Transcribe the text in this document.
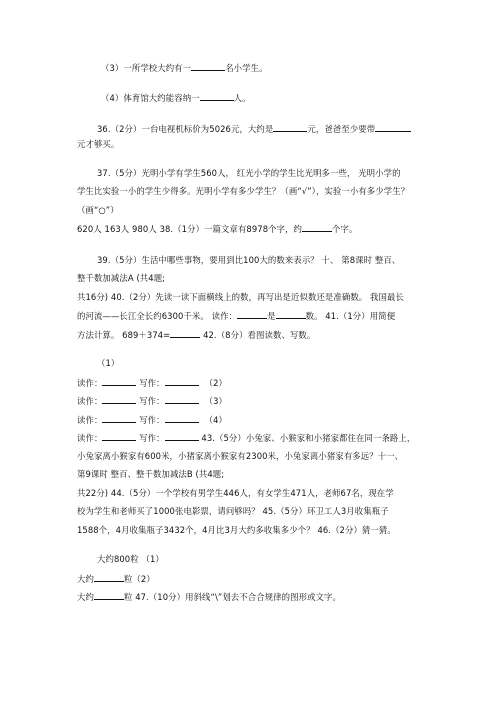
（3）一所学校大约有一	名小学生。
（4）体育馆大约能容纳一	人。
36.（2分）一台电视机标价为5026元，大约是	元，爸爸至少要带
元才够买。
37.（5分）光明小学有学生560人， 红光小学的学生比光明多一些， 光明小学的
学生比实验一小的学生少得多。光明小学有多少学生？（画“√”），实验一小有多少学生？
（画“○”）
620人 163人 980人 38.（1分）一篇文章有8978个字，约	个字。
39.（5分）生活中哪些事物，要用到比100大的数来表示？ 十、 第8课时 整百、
整千数加减法A (共4题;
共16分) 40.（2分）先读一读下面横线上的数，再写出是近似数还是准确数。 我国最长
的河流——长江全长约6300千米。 读作：	是	数。 41.（1分）用简便
方法计算。 689＋374=	42.（8分）看图读数、写数。
（1）
读作：	写作：	（2）
读作：	写作：	（3）
读作：	写作：	（4）
读作：	写作：	43.（5分）小兔家、小猴家和小猪家都住在同一条路上，
小兔家离小猴家有600米，小猪家离小猴家有2300米，小兔家离小猪家有多远？十一、
第9课时 整百、整千数加减法B (共4题;
共22分) 44.（5分）一个学校有男学生446人，有女学生471人，老师67名，现在学
校为学生和老师买了1000张电影票，请问够吗？ 45.（5分）环卫工人3月收集瓶子
1588个，4月收集瓶子3432个，4月比3月大约多收集多少个？ 46.（2分）猜一猜。
大约800粒 （1）
大约	粒（2）
大约	粒 47.（10分）用斜线“\”划去不合合规律的图形或文字。
